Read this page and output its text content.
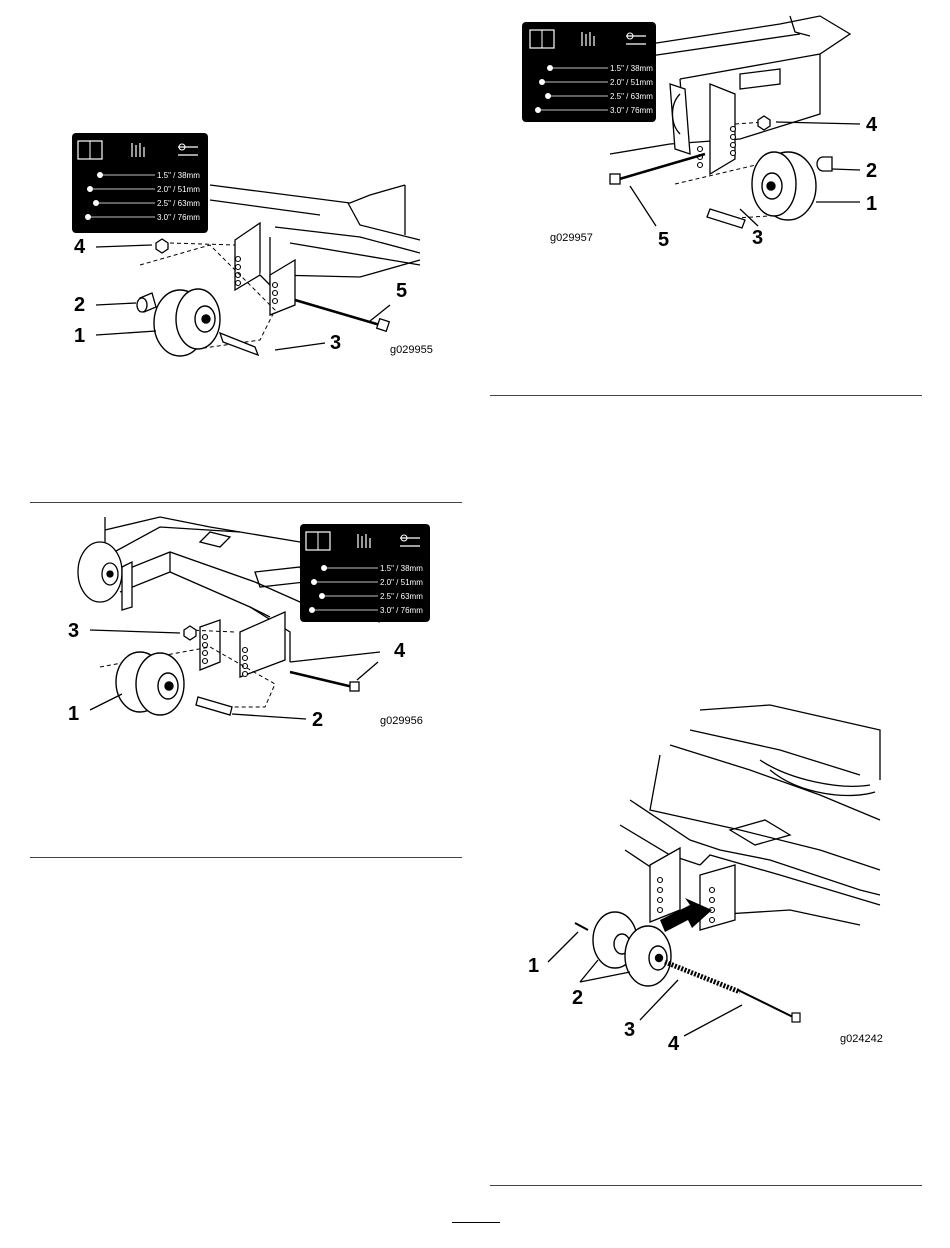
1.5" / 38mm
2.0" / 51mm
2.5" / 63mm
3.0" / 76mm
4
2
1	3
5
g029955
1.5" / 38mm
2.0" / 51mm
2.5" / 63mm
3.0" / 76mm
4
2
1
3
5
g029957
1.5" / 38mm
2.0" / 51mm
2.5" / 63mm
3.0" / 76mm
3
1	2
4
g029956
1
2
3
4	g024242
